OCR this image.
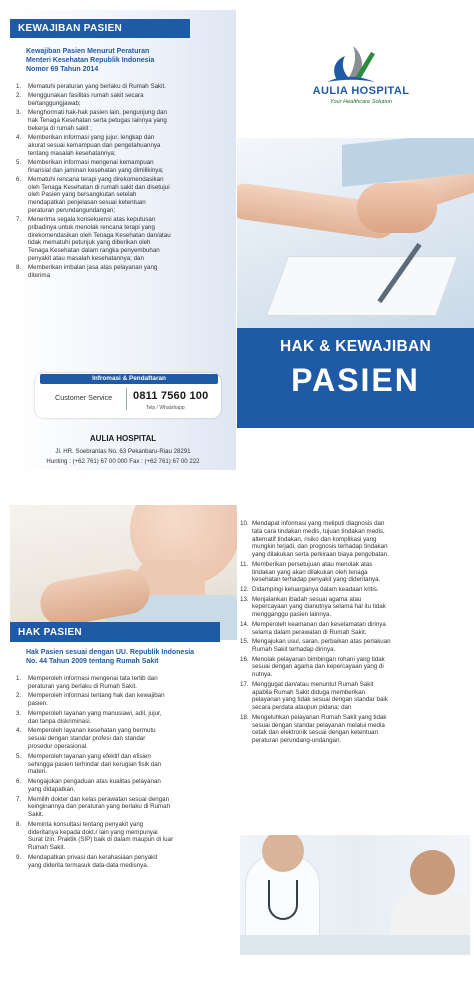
KEWAJIBAN PASIEN
Kewajiban Pasien Menurut Peraturan
Menteri Kesehatan Republik Indonesia
Nomor 69 Tahun 2014
1.	Mematuhi peraturan yang berlaku di Rumah Sakit.
2.	Menggunakan fasilitas rumah sakit secara
bertanggungjawab;
3.	Menghormati hak-hak pasien lain, pengunjung dan
hak Tenaga Kesehatan serta petugas lainnya yang
bekerja di rumah sakit ;
4.	Memberikan informasi yang jujur, lengkap dan
akurat sesuai kemampuan dan pengetahuannya
tentang masalah kesehatannya;
5.	Memberikan informasi mengenai kemampuan
finansial dan jaminan kesehatan yang dimilikinya;
6.	Mematuhi rencana terapi yang direkomendasikan
oleh Tenaga Kesehatan di rumah sakit dan disetujui
oleh Pasien yang bersangkutan setelah
mendapatkan penjelasan sesuai ketentuan
peraturan perundangundangan;
7.	Menerima segala konsekuensi atas keputusan
pribadinya untuk menolak rencana terapi yang
direkomendasikan oleh Tenaga Kesehatan dan/atau
tidak mematuhi petunjuk yang diberikan oleh
Tenaga Kesehatan dalam rangka penyembuhan
penyakit atau masalah kesehatannya; dan
8.	Memberikan imbalan jasa atas pelayanan yang
diterima
Infromasi & Pendaftaran
Customer Service 0811 7560 100
Telp / Whatshapp
AULIA HOSPITAL
Jl. HR. Soebrantas No. 63 Pekanbaru-Riau 28291
Hunting : (+62 761) 67 00 000 Fax : (+62 761) 67 00 222
AULIA HOSPITAL
Your Healthcare Solution
HAK & KEWAJIBAN
PASIEN
HAK PASIEN
Hak Pasien sesuai dengan UU. Republik Indonesia
No. 44 Tahun 2009 tentang Rumah Sakit
1.	Memperoleh informasi mengenai tata tertib dan
peraturan yang berlaku di Rumah Sakit.
2.	Memperoleh informasi tentang hak dan kewajiban
pasien.
3.	Memperoleh layanan yang manusiawi, adil, jujur,
dan tanpa diskriminasi.
4.	Memperoleh layanan kesehatan yang bermutu
sesuai dengan standar profesi dan standar
prosedur operasional.
5.	Memperoleh layanan yang efektif dan efisien
sehingga pasien terhindar dari kerugian fisik dan
materi.
6.	Mengajukan pengaduan atas kualitas pelayanan
yang didapatkan.
7.	Memilih dokter dan kelas perawatan sesuai dengan
keinginannya dan peraturan yang berlaku di Rumah
Sakit.
8.	Meminta konsultasi tentang penyakit yang
dideritanya kepada dokt.r lain yang mempunyai
Surat Izin. Praktik (SIP) baik di dalam maupun di luar
Rumah Sakit.
9.	Mendapatkan privasi dan kerahasiaan penyakit
yang diderita termasuk data-data medisnya.
10. Mendapat informasi yang meliputi diagnosis dan
tata cara tindakan medis, tujuan tindakan medis,
alternatif tindakan, risiko dan komplikasi yang
mungkin terjadi, dan prognosis terhadap tindakan
yang dilakukan serta perkiraan biaya pengobatan.
11. Memberikan persetujuan atau menolak atas
tindakan yang akan dilakukan oleh tenaga
kesehatan terhadap penyakit yang dideritanya.
12. Didampingi keluarganya dalam keadaan kritis.
13. Menjalankan ibadah sesuai agama atau
kepercayaan yang dianutnya selama hal itu tidak
mengganggu pasien lainnya.
14. Memperoleh keamanan dan keselamatan dirinya
selama dalam perawatan di Rumah Sakit.
15. Mengajukan usul, saran, perbaikan atas perlakuan
Rumah Sakit terhadap dirinya.
16. Menolak pelayanan bimbingan rohani yang tidak
sesuai dengan agama dan kepercayaan yang di
nutnya.
17. Menggugat dan/atau menuntut Rumah Sakit
apabila Rumah Sakit diduga memberikan
pelayanan yang tidak sesuai dengan standar baik
secara perdata ataupun pidana; dan
18. Mengeluhkan pelayanan Rumah Sakit yang tidak
sesuai dengan standar pelayanan melalui media
cetak dan elektronik sesuai dengan ketentuan
peraturan perundang-undangan.
